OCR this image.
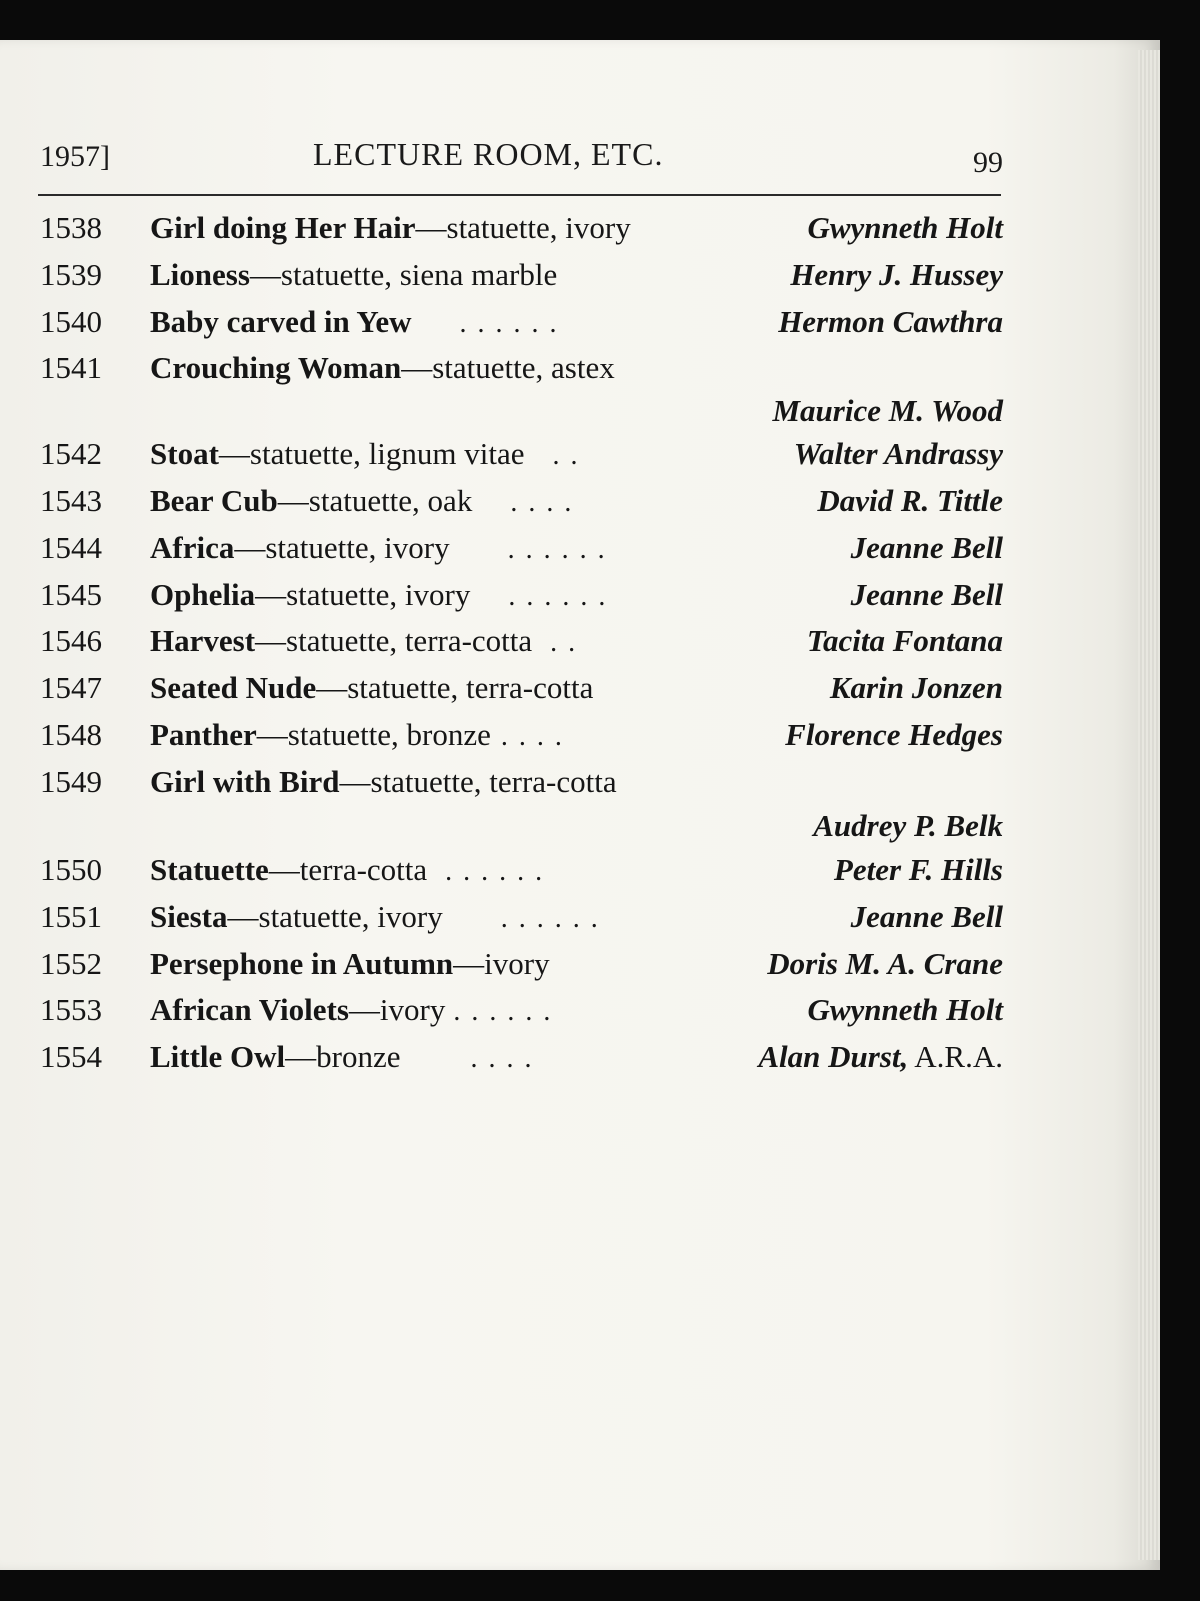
1957]	LECTURE ROOM, ETC.	99
1538 Girl doing Her Hair—statuette, ivory	Gwynneth Holt
1539 Lioness—statuette, siena marble	Henry J. Hussey
1540 Baby carved in Yew . . . . . .	Hermon Cawthra
1541 Crouching Woman—statuette, astex
Maurice M. Wood
1542 Stoat—statuette, lignum vitae . .	Walter Andrassy
1543 Bear Cub—statuette, oak . . . .	David R. Tittle
1544 Africa—statuette, ivory . . . . . .	Jeanne Bell
1545 Ophelia—statuette, ivory . . . . . .	Jeanne Bell
1546 Harvest—statuette, terra-cotta . .	Tacita Fontana
1547 Seated Nude—statuette, terra-cotta	Karin Jonzen
1548 Panther—statuette, bronze . . . .	Florence Hedges
1549 Girl with Bird—statuette, terra-cotta
Audrey P. Belk
1550 Statuette—terra-cotta . . . . . .	Peter F. Hills
1551 Siesta—statuette, ivory . . . . . .	Jeanne Bell
1552 Persephone in Autumn—ivory	Doris M. A. Crane
1553 African Violets—ivory . . . . . .	Gwynneth Holt
1554 Little Owl—bronze	. . . .	Alan Durst, A.R.A.
